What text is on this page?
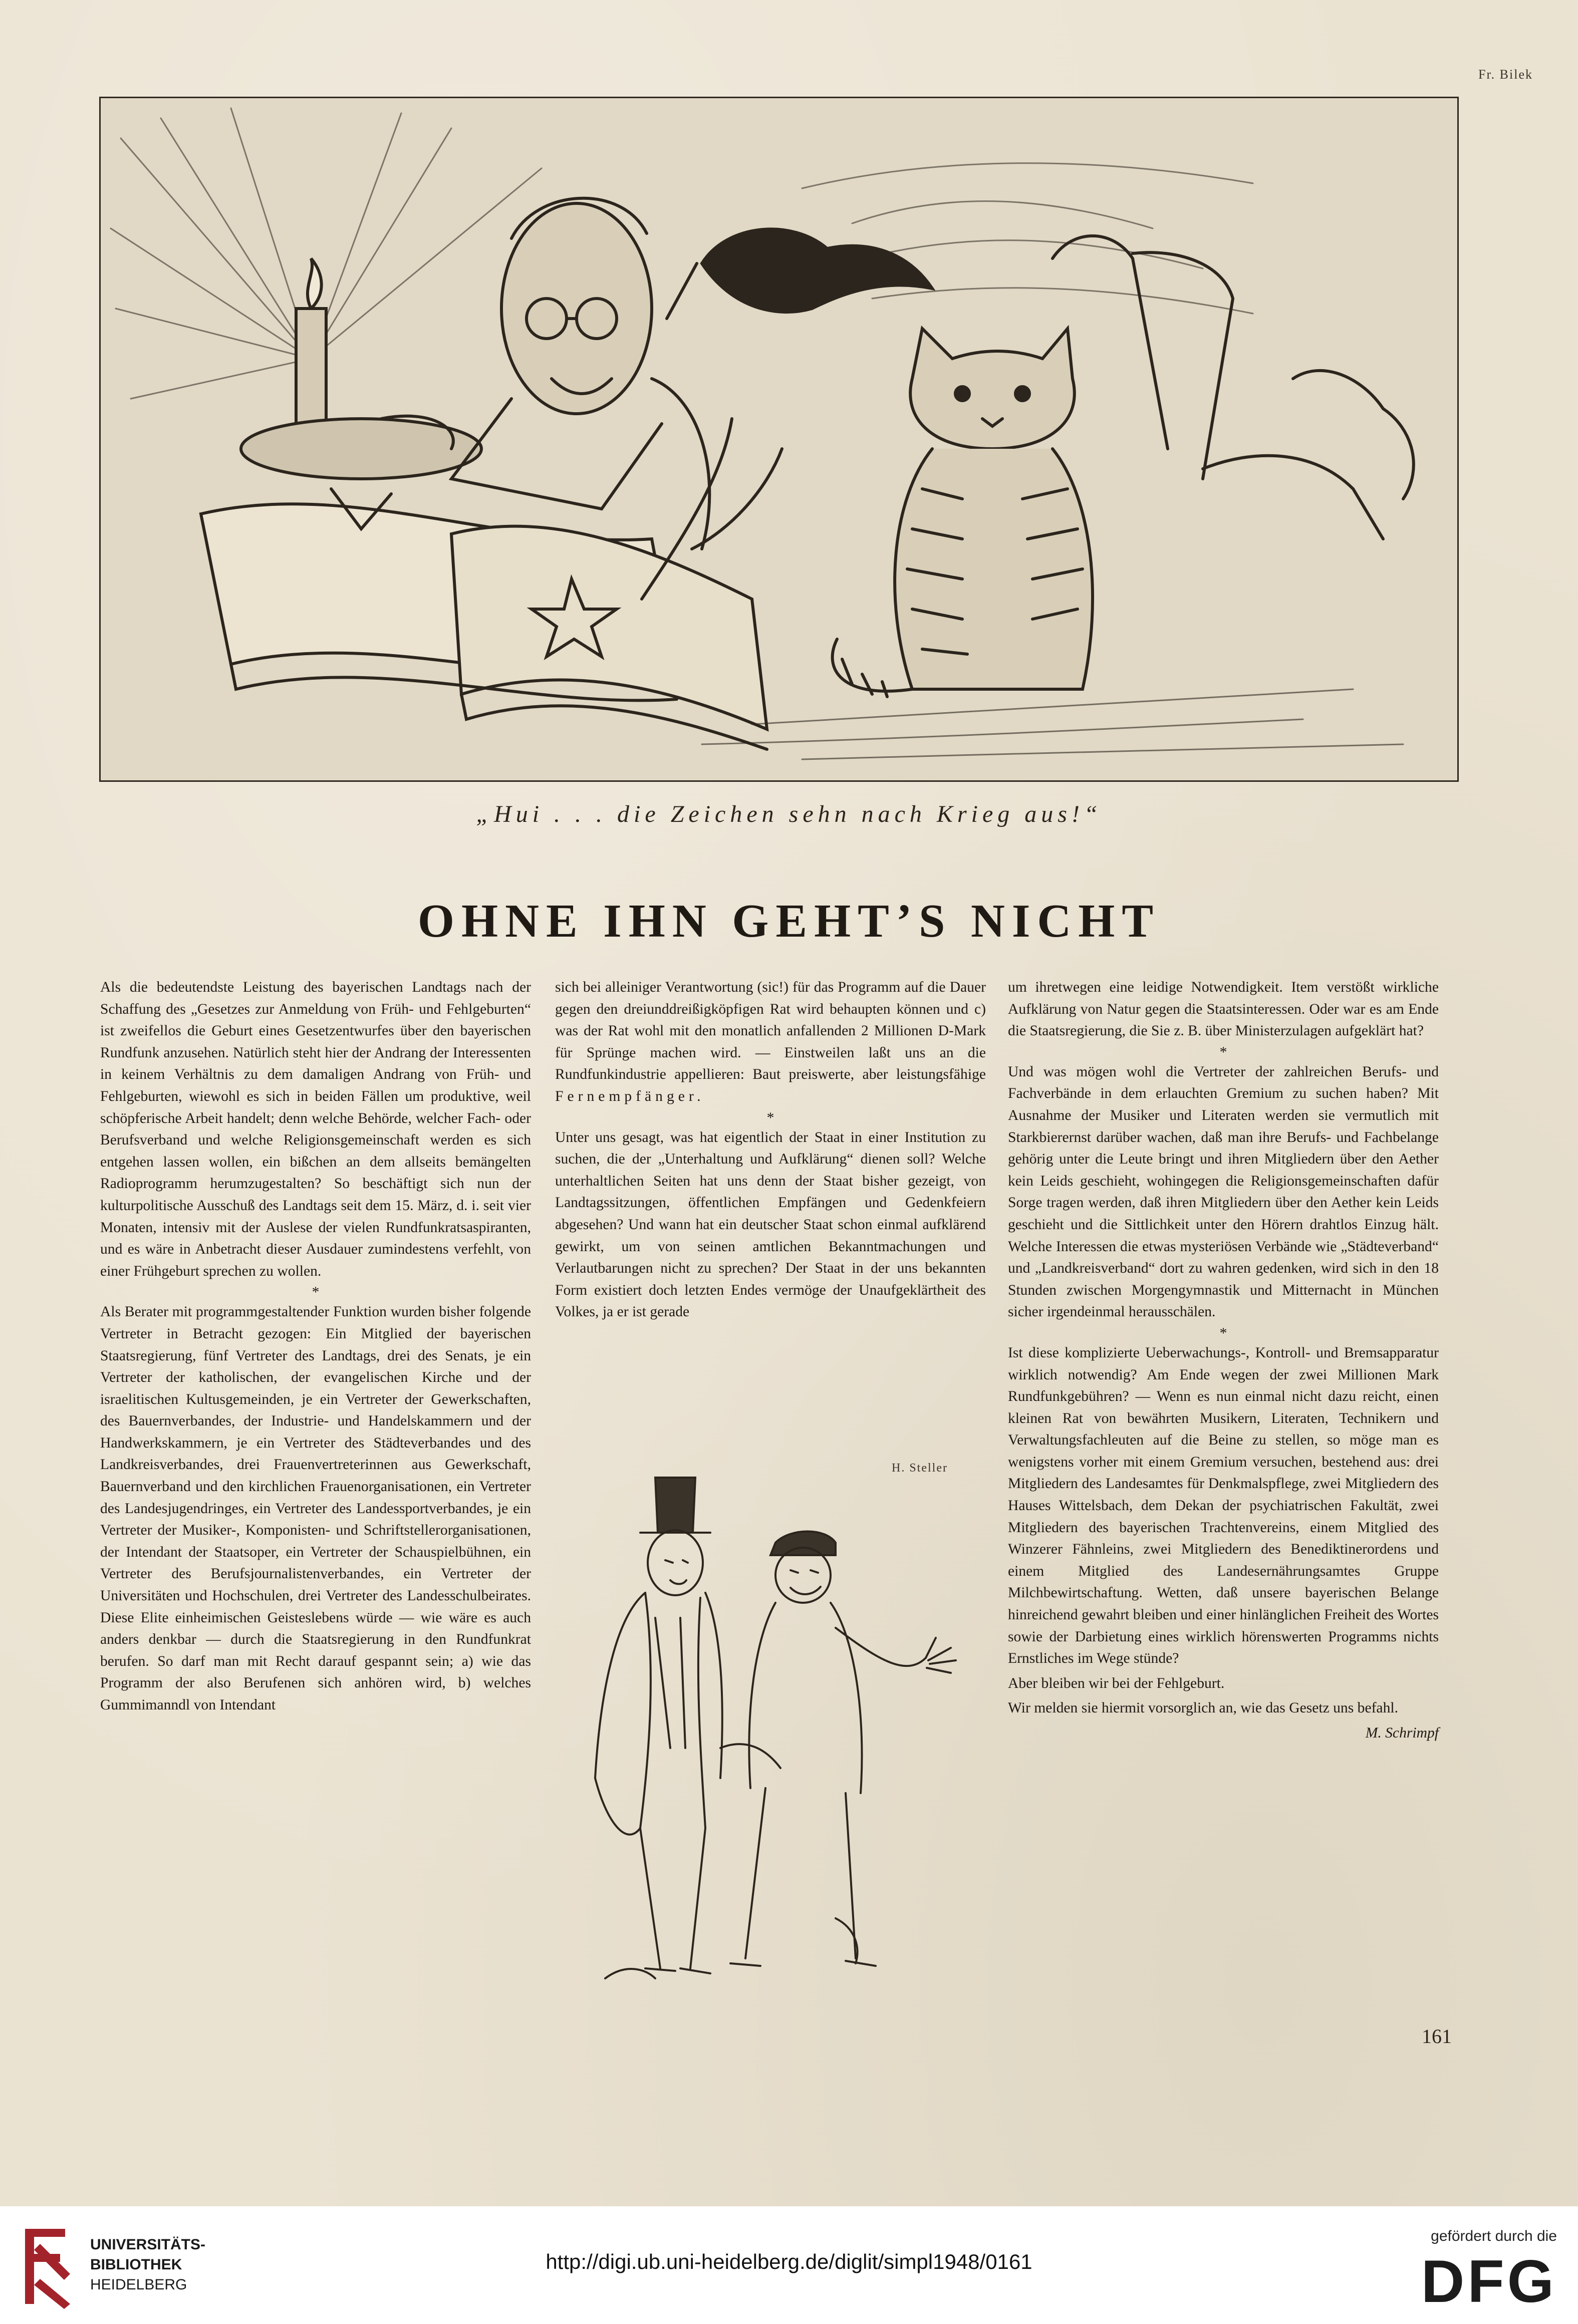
Fr. Bilek
„Hui . . . die Zeichen sehn nach Krieg aus!“
OHNE IHN GEHT’S NICHT

Als die bedeutendste Leistung des bayerischen Landtags nach der Schaffung des „Gesetzes zur Anmeldung von Früh- und Fehlgeburten“ ist zweifellos die Geburt eines Gesetzentwurfes über den bayerischen Rundfunk anzusehen. Natürlich steht hier der Andrang der Interessenten in keinem Verhältnis zu dem damaligen Andrang von Früh- und Fehlgeburten, wiewohl es sich in beiden Fällen um produktive, weil schöpferische Arbeit handelt; denn welche Behörde, welcher Fach- oder Berufsverband und welche Religionsgemeinschaft werden es sich entgehen lassen wollen, ein bißchen an dem allseits bemängelten Radioprogramm herumzugestalten? So beschäftigt sich nun der kulturpolitische Ausschuß des Landtags seit dem 15. März, d. i. seit vier Monaten, intensiv mit der Auslese der vielen Rundfunkratsaspiranten, und es wäre in Anbetracht dieser Ausdauer zumindestens verfehlt, von einer Frühgeburt sprechen zu wollen.

*

Als Berater mit programmgestaltender Funktion wurden bisher folgende Vertreter in Betracht gezogen: Ein Mitglied der bayerischen Staatsregierung, fünf Vertreter des Landtags, drei des Senats, je ein Vertreter der katholischen, der evangelischen Kirche und der israelitischen Kultusgemeinden, je ein Vertreter der Gewerkschaften, des Bauernverbandes, der Industrie- und Handelskammern und der Handwerkskammern, je ein Vertreter des Städteverbandes und des Landkreisverbandes, drei Frauenvertreterinnen aus Gewerkschaft, Bauernverband und den kirchlichen Frauenorganisationen, ein Vertreter des Landesjugendringes, ein Vertreter des Landessportverbandes, je ein Vertreter der Musiker-, Komponisten- und Schriftstellerorganisationen, der Intendant der Staatsoper, ein Vertreter der Schauspielbühnen, ein Vertreter des Berufsjournalistenverbandes, ein Vertreter der Universitäten und Hochschulen, drei Vertreter des Landesschulbeirates. Diese Elite einheimischen Geisteslebens würde — wie wäre es auch anders denkbar — durch die Staatsregierung in den Rundfunkrat berufen. So darf man mit Recht darauf gespannt sein; a) wie das Programm der also Berufenen sich anhören wird, b) welches Gummimanndl von Intendant

sich bei alleiniger Verantwortung (sic!) für das Programm auf die Dauer gegen den dreiunddreißigköpfigen Rat wird behaupten können und c) was der Rat wohl mit den monatlich anfallenden 2 Millionen D-Mark für Sprünge machen wird. — Einstweilen laßt uns an die Rundfunkindustrie appellieren: Baut preiswerte, aber leistungsfähige Fernempfänger.

*

Unter uns gesagt, was hat eigentlich der Staat in einer Institution zu suchen, die der „Unterhaltung und Aufklärung“ dienen soll? Welche unterhaltlichen Seiten hat uns denn der Staat bisher gezeigt, von Landtagssitzungen, öffentlichen Empfängen und Gedenkfeiern abgesehen? Und wann hat ein deutscher Staat schon einmal aufklärend gewirkt, um von seinen amtlichen Bekanntmachungen und Verlautbarungen nicht zu sprechen? Der Staat in der uns bekannten Form existiert doch letzten Endes vermöge der Unaufgeklärtheit des Volkes, ja er ist gerade

H. Steller

um ihretwegen eine leidige Notwendigkeit. Item verstößt wirkliche Aufklärung von Natur gegen die Staatsinteressen. Oder war es am Ende die Staatsregierung, die Sie z. B. über Ministerzulagen aufgeklärt hat?

*

Und was mögen wohl die Vertreter der zahlreichen Berufs- und Fachverbände in dem erlauchten Gremium zu suchen haben? Mit Ausnahme der Musiker und Literaten werden sie vermutlich mit Starkbierernst darüber wachen, daß man ihre Berufs- und Fachbelange gehörig unter die Leute bringt und ihren Mitgliedern über den Aether kein Leids geschieht, wohingegen die Religionsgemeinschaften dafür Sorge tragen werden, daß ihren Mitgliedern über den Aether kein Leids geschieht und die Sittlichkeit unter den Hörern drahtlos Einzug hält. Welche Interessen die etwas mysteriösen Verbände wie „Städteverband“ und „Landkreisverband“ dort zu wahren gedenken, wird sich in den 18 Stunden zwischen Morgengymnastik und Mitternacht in München sicher irgendeinmal herausschälen.

*

Ist diese komplizierte Ueberwachungs-, Kontroll- und Bremsapparatur wirklich notwendig? Am Ende wegen der zwei Millionen Mark Rundfunkgebühren? — Wenn es nun einmal nicht dazu reicht, einen kleinen Rat von bewährten Musikern, Literaten, Technikern und Verwaltungsfachleuten auf die Beine zu stellen, so möge man es wenigstens vorher mit einem Gremium versuchen, bestehend aus: drei Mitgliedern des Landesamtes für Denkmalspflege, zwei Mitgliedern des Hauses Wittelsbach, dem Dekan der psychiatrischen Fakultät, zwei Mitgliedern des bayerischen Trachtenvereins, einem Mitglied des Winzerer Fähnleins, zwei Mitgliedern des Benediktinerordens und einem Mitglied des Landesernährungsamtes Gruppe Milchbewirtschaftung. Wetten, daß unsere bayerischen Belange hinreichend gewahrt bleiben und einer hinlänglichen Freiheit des Wortes sowie der Darbietung eines wirklich hörenswerten Programms nichts Ernstliches im Wege stünde?

Aber bleiben wir bei der Fehlgeburt.

Wir melden sie hiermit vorsorglich an, wie das Gesetz uns befahl.

M. Schrimpf

161
UNIVERSITÄTS-
BIBLIOTHEK
HEIDELBERG
http://digi.ub.uni-heidelberg.de/diglit/simpl1948/0161
gefördert durch die
DFG
